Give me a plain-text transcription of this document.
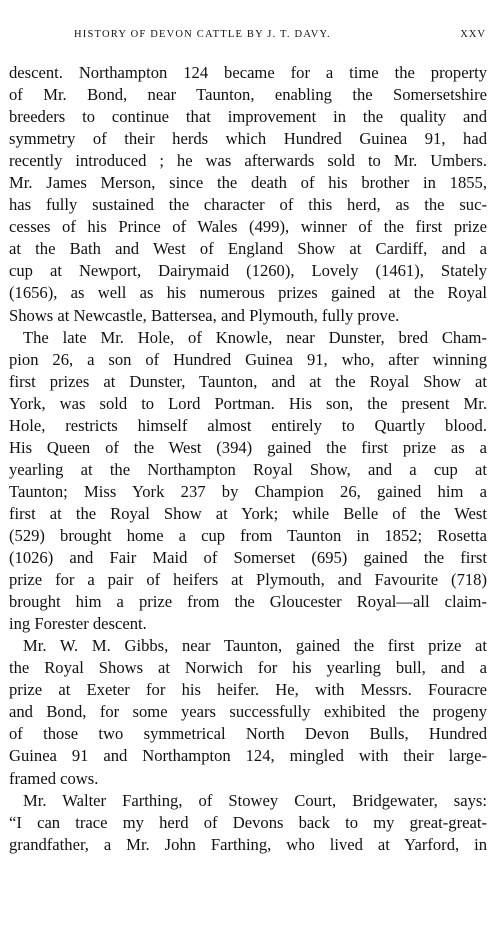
HISTORY OF DEVON CATTLE BY J. T. DAVY.	XXV
descent. Northampton 124 became for a time the property
of Mr. Bond, near Taunton, enabling the Somersetshire
breeders to continue that improvement in the quality and
symmetry of their herds which Hundred Guinea 91, had
recently introduced ; he was afterwards sold to Mr. Umbers.
Mr. James Merson, since the death of his brother in 1855,
has fully sustained the character of this herd, as the suc-
cesses of his Prince of Wales (499), winner of the first prize
at the Bath and West of England Show at Cardiff, and a
cup at Newport, Dairymaid (1260), Lovely (1461), Stately
(1656), as well as his numerous prizes gained at the Royal
Shows at Newcastle, Battersea, and Plymouth, fully prove.
The late Mr. Hole, of Knowle, near Dunster, bred Cham-
pion 26, a son of Hundred Guinea 91, who, after winning
first prizes at Dunster, Taunton, and at the Royal Show at
York, was sold to Lord Portman. His son, the present Mr.
Hole, restricts himself almost entirely to Quartly blood.
His Queen of the West (394) gained the first prize as a
yearling at the Northampton Royal Show, and a cup at
Taunton; Miss York 237 by Champion 26, gained him a
first at the Royal Show at York; while Belle of the West
(529) brought home a cup from Taunton in 1852; Rosetta
(1026) and Fair Maid of Somerset (695) gained the first
prize for a pair of heifers at Plymouth, and Favourite (718)
brought him a prize from the Gloucester Royal—all claim-
ing Forester descent.
Mr. W. M. Gibbs, near Taunton, gained the first prize at
the Royal Shows at Norwich for his yearling bull, and a
prize at Exeter for his heifer. He, with Messrs. Fouracre
and Bond, for some years successfully exhibited the progeny
of those two symmetrical North Devon Bulls, Hundred
Guinea 91 and Northampton 124, mingled with their large-
framed cows.
Mr. Walter Farthing, of Stowey Court, Bridgewater, says:
“I can trace my herd of Devons back to my great-great-
grandfather, a Mr. John Farthing, who lived at Yarford, in
